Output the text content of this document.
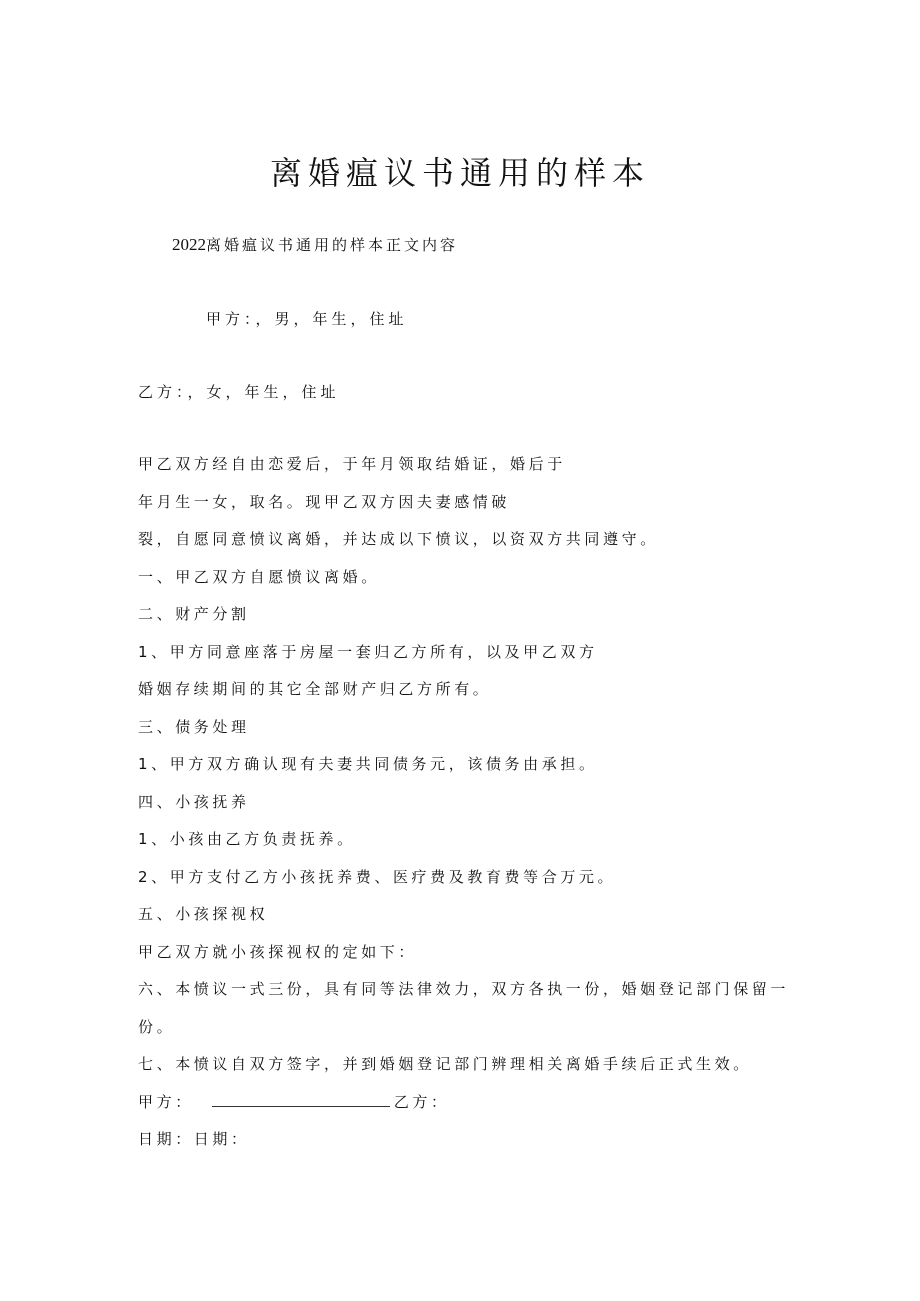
离婚瘟议书通用的样本
2022离婚瘟议书通用的样本正文内容
甲方：，男，年生，住址
乙方：，女，年生，住址

甲乙双方经自由恋爱后，于年月领取结婚证，婚后于

年月生一女，取名。现甲乙双方因夫妻感情破

裂，自愿同意愤议离婚，并达成以下愤议，以资双方共同遵守。

一、甲乙双方自愿愤议离婚。

二、财产分割

1、甲方同意座落于房屋一套归乙方所有，以及甲乙双方

婚姻存续期间的其它全部财产归乙方所有。

三、债务处理

1、甲方双方确认现有夫妻共同债务元，该债务由承担。

四、小孩抚养

1、小孩由乙方负责抚养。

2、甲方支付乙方小孩抚养费、医疗费及教育费等合万元。

五、小孩探视权

甲乙双方就小孩探视权的定如下：

六、本愤议一式三份，具有同等法律效力，双方各执一份，婚姻登记部门保留一

份。

七、本愤议自双方签字，并到婚姻登记部门辨理相关离婚手续后正式生效。

甲方：	乙方：

日期：日期：
